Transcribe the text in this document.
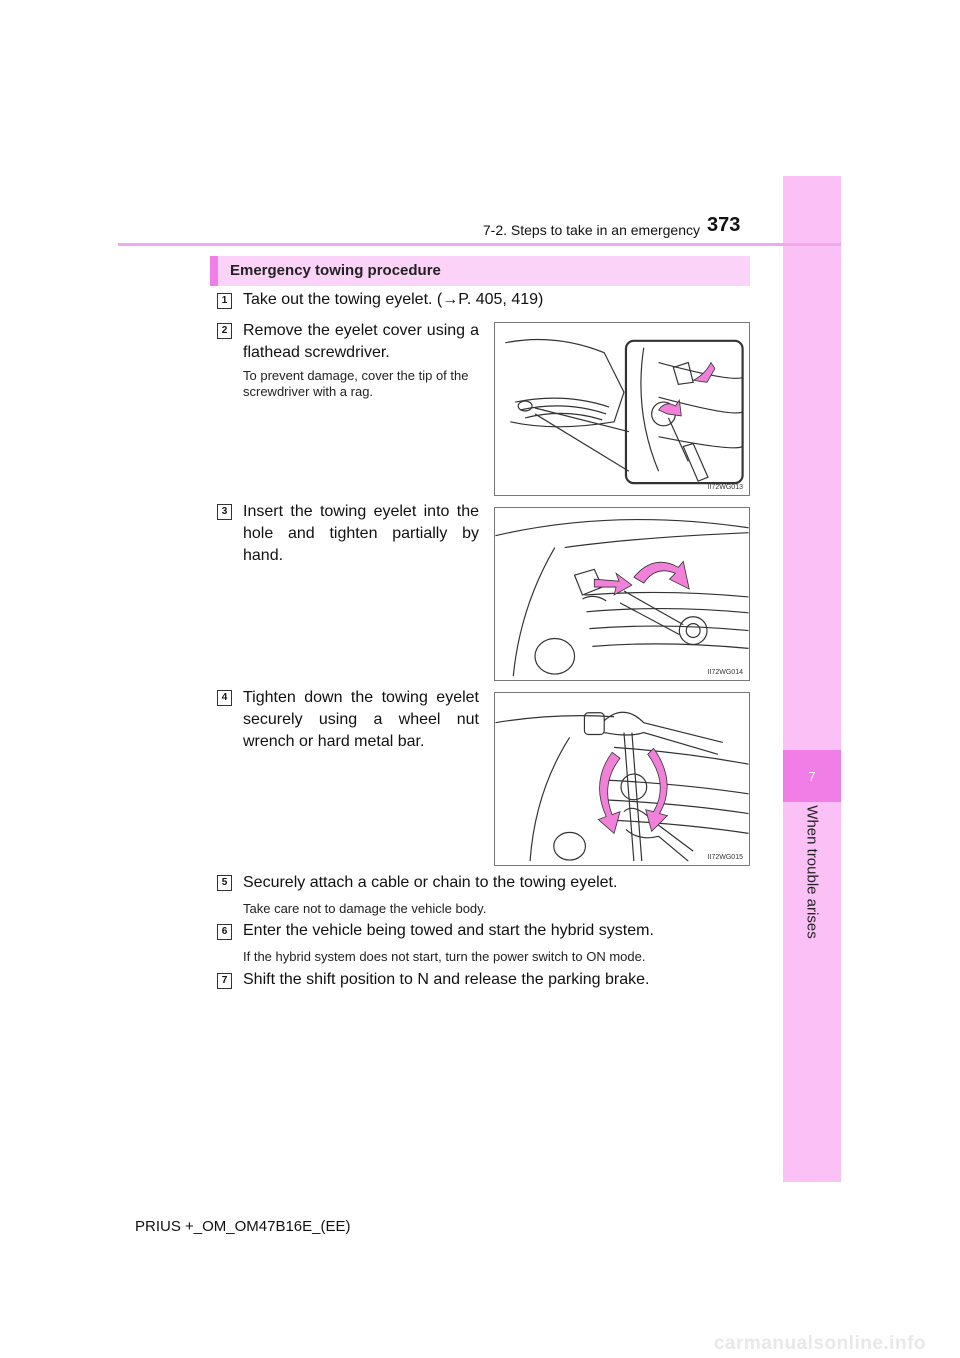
7
When trouble arises
7-2. Steps to take in an emergency 373
Emergency towing procedure
1 Take out the towing eyelet. (→P. 405, 419)
2 Remove the eyelet cover using a flathead screwdriver.
To prevent damage, cover the tip of the screwdriver with a rag.
II72WG013
3 Insert the towing eyelet into the hole and tighten partially by hand.
II72WG014
4 Tighten down the towing eyelet securely using a wheel nut wrench or hard metal bar.
II72WG015
5 Securely attach a cable or chain to the towing eyelet.
Take care not to damage the vehicle body.
6 Enter the vehicle being towed and start the hybrid system.
If the hybrid system does not start, turn the power switch to ON mode.
7 Shift the shift position to N and release the parking brake.
PRIUS +_OM_OM47B16E_(EE)
carmanualsonline.info
